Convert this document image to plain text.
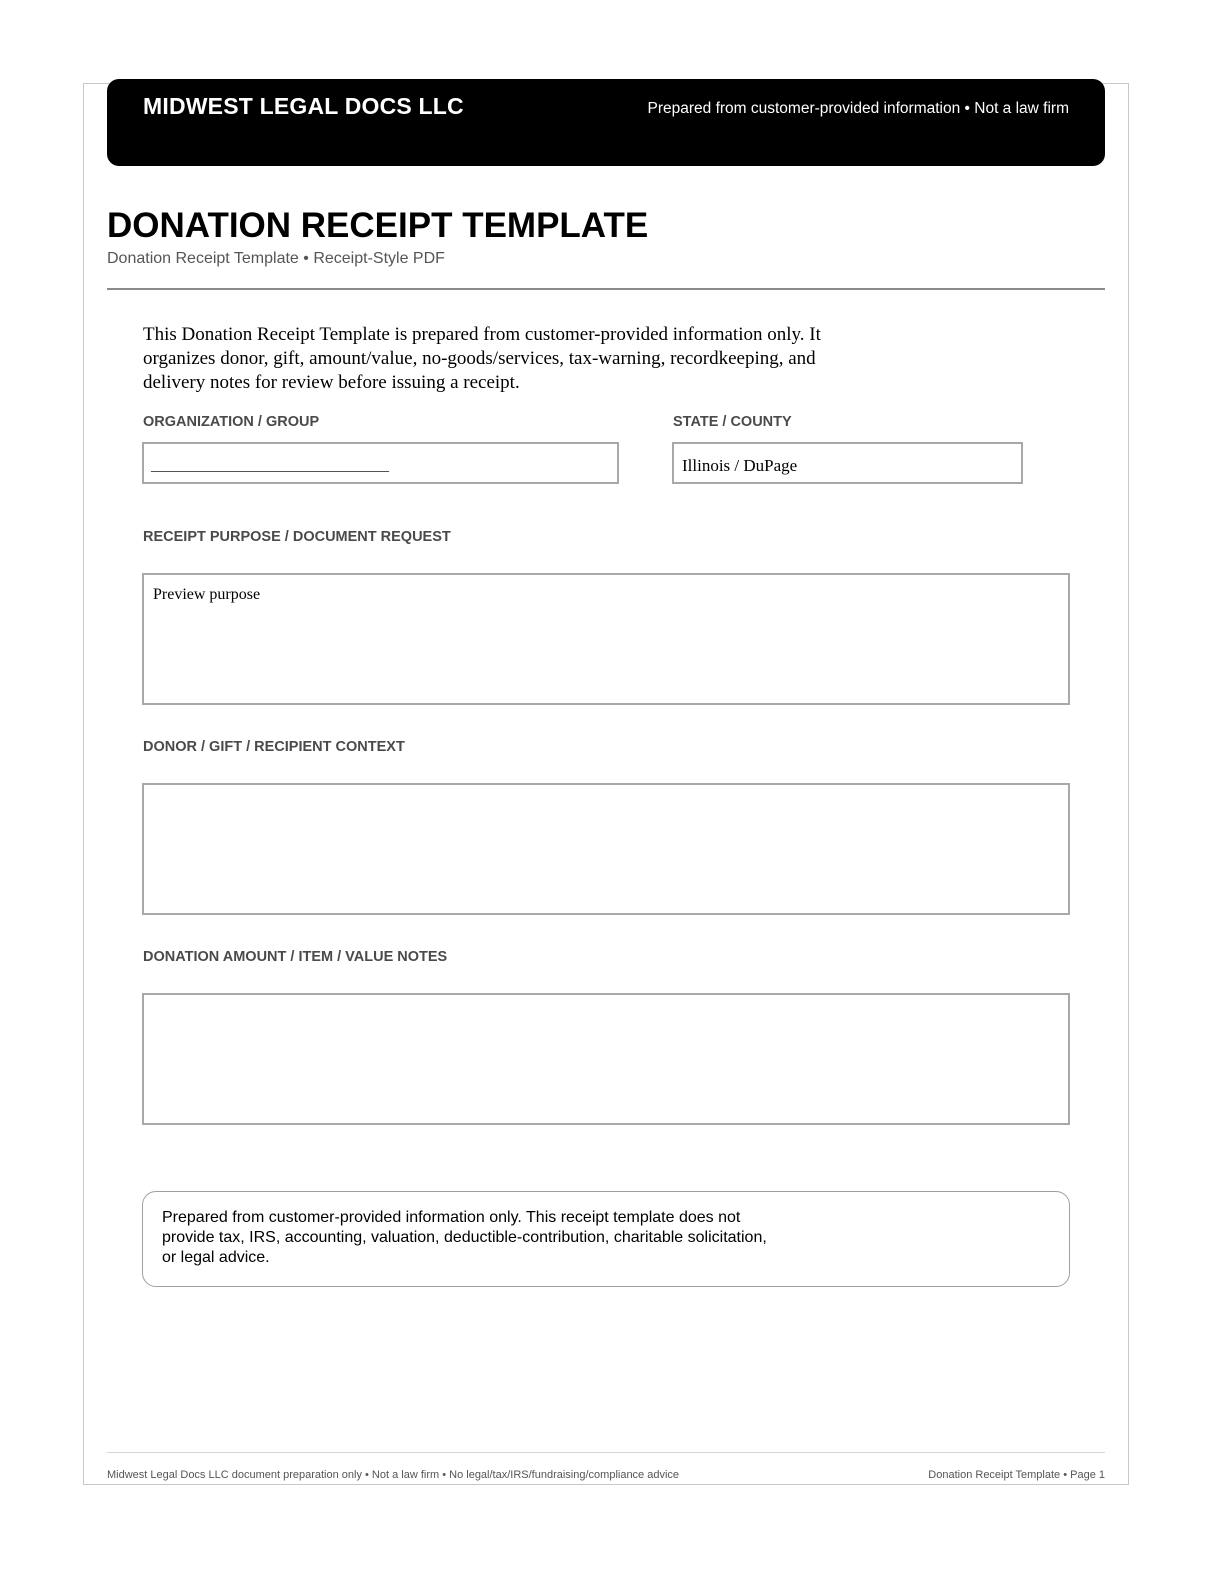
MIDWEST LEGAL DOCS LLC	Prepared from customer-provided information • Not a law firm
DONATION RECEIPT TEMPLATE
Donation Receipt Template • Receipt-Style PDF

This Donation Receipt Template is prepared from customer-provided information only. It organizes donor, gift, amount/value, no-goods/services, tax-warning, recordkeeping, and delivery notes for review before issuing a receipt.

ORGANIZATION / GROUP
____________________________
STATE / COUNTY
Illinois / DuPage
RECEIPT PURPOSE / DOCUMENT REQUEST
Preview purpose
DONOR / GIFT / RECIPIENT CONTEXT
DONATION AMOUNT / ITEM / VALUE NOTES

Prepared from customer-provided information only. This receipt template does not provide tax, IRS, accounting, valuation, deductible-contribution, charitable solicitation, or legal advice.

Midwest Legal Docs LLC document preparation only • Not a law firm • No legal/tax/IRS/fundraising/compliance advice	Donation Receipt Template • Page 1
